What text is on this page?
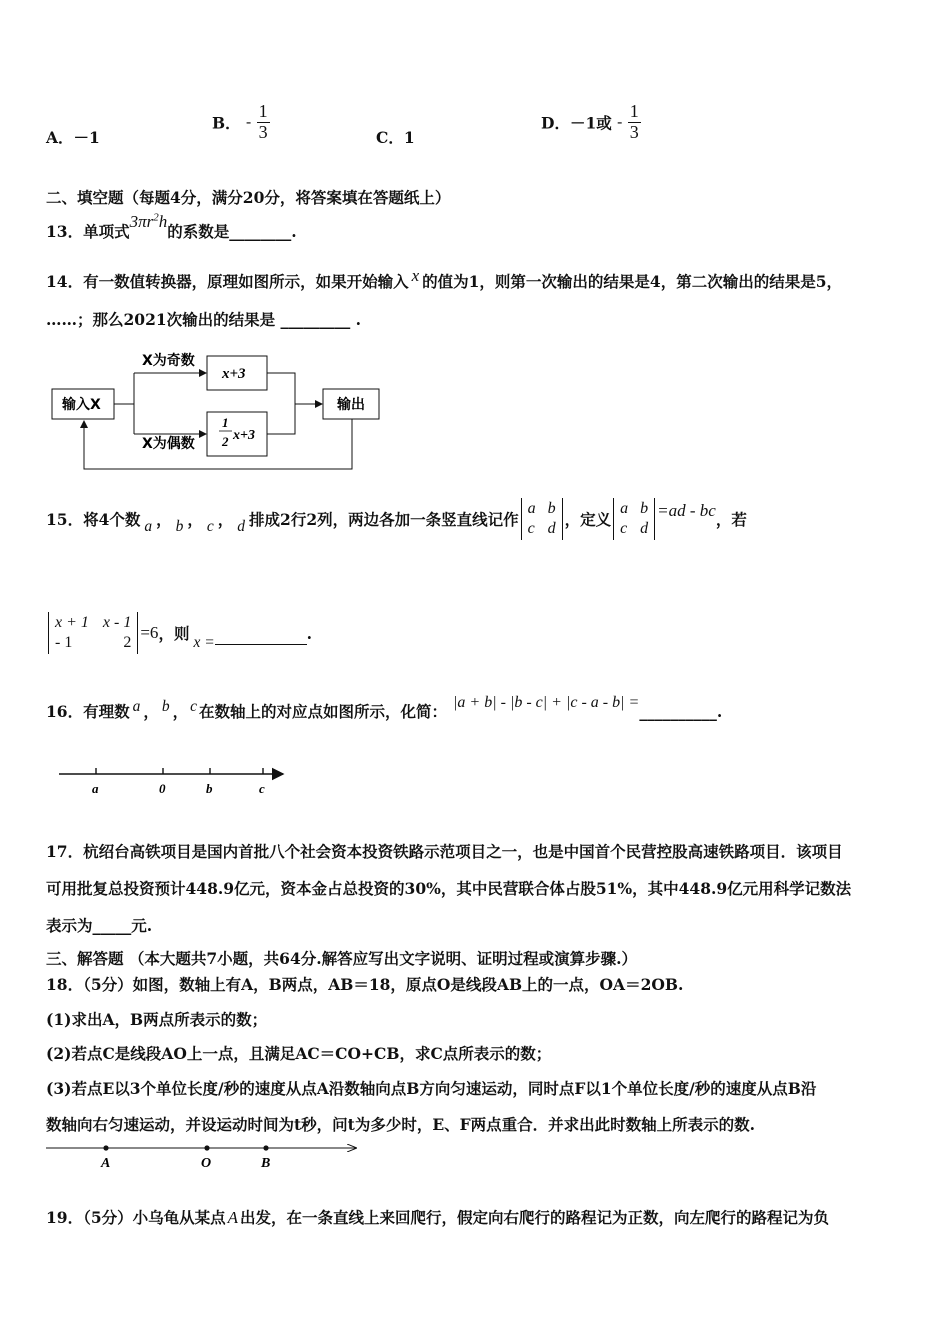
A．－1
B． - $\frac{1}{3}$	C．1
D．－1或 - $\frac{1}{3}$
二、填空题（每题4分，满分20分，将答案填在答题纸上）
13．单项式$3\pi r^2h$的系数是________.
14．有一数值转换器，原理如图所示，如果开始输入 x 的值为1，则第一次输出的结果是4，第二次输出的结果是5，
……；那么2021次输出的结果是 _________ .
输入X
X为奇数
X为偶数
x+3
1
2 x+3
输出
15．将4个数 a ， b ， c ， d 排成2行2列，两边各加一条竖直线记作
a b
c d ，定义
a b
c d
=ad - bc ，若
x + 1 x - 1
- 1	2
=6 ，则 x =	.
16．有理数 a ， b ， c 在数轴上的对应点如图所示，化简： |a + b| - |b - c| + |c - a - b| = __________.
a	0	b	c
17．杭绍台高铁项目是国内首批八个社会资本投资铁路示范项目之一，也是中国首个民营控股高速铁路项目．该项目
可用批复总投资预计448.9亿元，资本金占总投资的30%，其中民营联合体占股51%，其中448.9亿元用科学记数法
表示为_____元.
三、解答题 （本大题共7小题，共64分.解答应写出文字说明、证明过程或演算步骤.）
18．（5分）如图，数轴上有A，B两点，AB＝18，原点O是线段AB上的一点，OA＝2OB.
(1)求出A，B两点所表示的数；
(2)若点C是线段AO上一点，且满足AC＝CO+CB，求C点所表示的数；
(3)若点E以3个单位长度/秒的速度从点A沿数轴向点B方向匀速运动，同时点F以1个单位长度/秒的速度从点B沿
数轴向右匀速运动，并设运动时间为t秒，问t为多少时，E、F两点重合．并求出此时数轴上所表示的数.
A	O	B
19．（5分）小乌龟从某点 A 出发，在一条直线上来回爬行，假定向右爬行的路程记为正数，向左爬行的路程记为负
